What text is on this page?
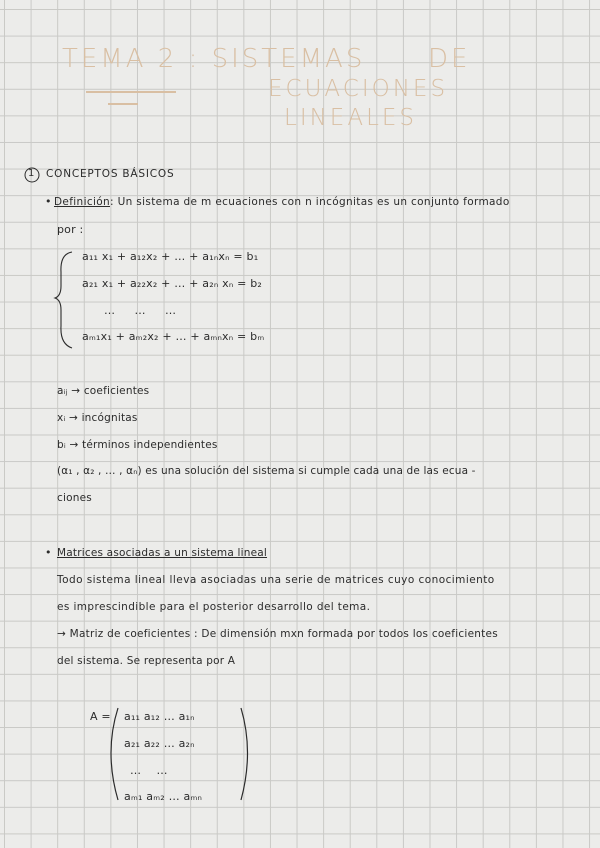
TEMA 2 : SISTEMAS DE
ECUACIONES
LINEALES
1 CONCEPTOS BÁSICOS
• Definición: Un sistema de m ecuaciones con n incógnitas es un conjunto formado
por :
a₁₁ x₁ + a₁₂x₂ + … + a₁ₙxₙ = b₁
a₂₁ x₁ + a₂₂x₂ + … + a₂ₙ xₙ = b₂
… … …
aₘ₁x₁ + aₘ₂x₂ + … + aₘₙxₙ = bₘ
aᵢⱼ → coeficientes
xᵢ → incógnitas
bᵢ → términos independientes
(α₁ , α₂ , … , αₙ) es una solución del sistema si cumple cada una de las ecua -
ciones
• Matrices asociadas a un sistema lineal
Todo sistema lineal lleva asociadas una serie de matrices cuyo conocimiento
es imprescindible para el posterior desarrollo del tema.
→ Matriz de coeficientes : De dimensión mxn formada por todos los coeficientes
del sistema. Se representa por A
A = a₁₁ a₁₂ … a₁ₙ
a₂₁ a₂₂ … a₂ₙ
… …
aₘ₁ aₘ₂ … aₘₙ
